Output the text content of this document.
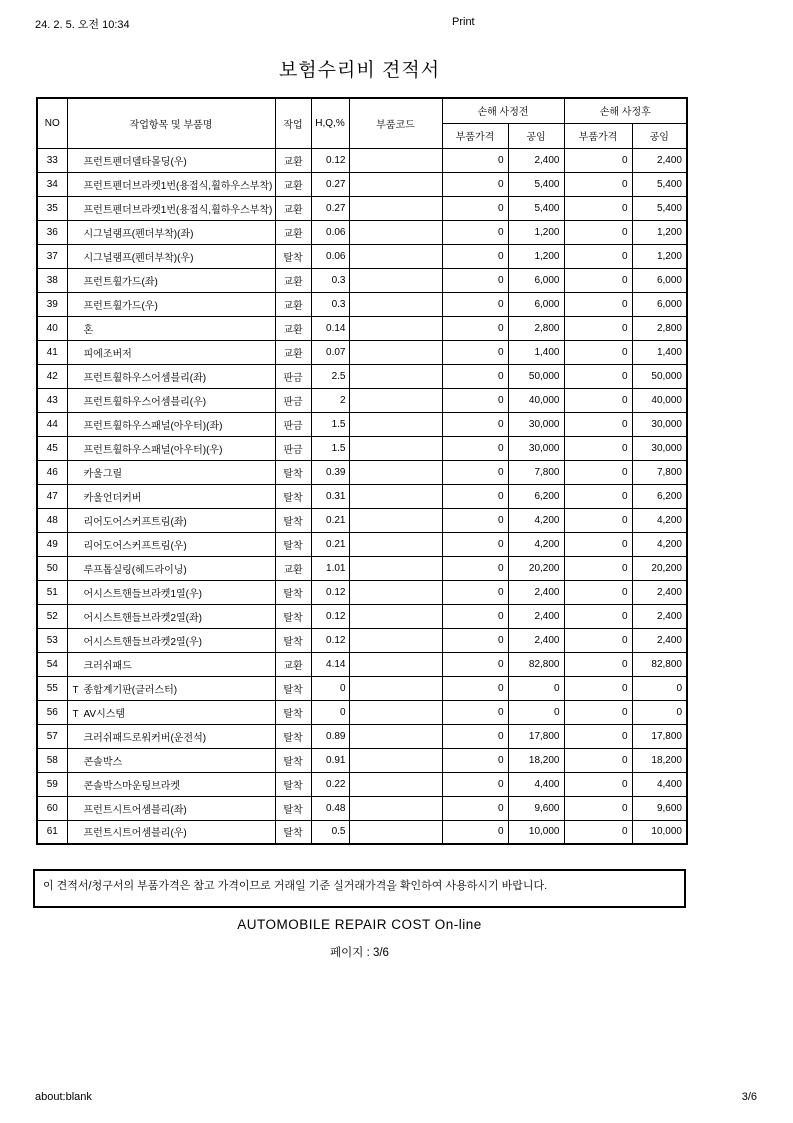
24. 2. 5. 오전 10:34	Print
보험수리비 견적서
NO	작업항목 및 부품명	작업	H,Q,%	부품코드	손해 사정전		손해 사정후	
					부품가격	공임	부품가격	공임
33	프런트펜더델타몰딩(우)	교환	0.12		0	2,400	0	2,400
34	프런트펜더브라켓1번(용접식,휠하우스부착)	교환	0.27		0	5,400	0	5,400
35	프런트펜더브라켓1번(용접식,휠하우스부착)	교환	0.27		0	5,400	0	5,400
36	시그널램프(펜더부착)(좌)	교환	0.06		0	1,200	0	1,200
37	시그널램프(펜더부착)(우)	탈착	0.06		0	1,200	0	1,200
38	프런트휠가드(좌)	교환	0.3		0	6,000	0	6,000
39	프런트휠가드(우)	교환	0.3		0	6,000	0	6,000
40	혼	교환	0.14		0	2,800	0	2,800
41	피에조버저	교환	0.07		0	1,400	0	1,400
42	프런트휠하우스어셈블리(좌)	판금	2.5		0	50,000	0	50,000
43	프런트휠하우스어셈블리(우)	판금	2		0	40,000	0	40,000
44	프런트휠하우스패널(아우터)(좌)	판금	1.5		0	30,000	0	30,000
45	프런트휠하우스패널(아우터)(우)	판금	1.5		0	30,000	0	30,000
46	카울그릴	탈착	0.39		0	7,800	0	7,800
47	카울언더커버	탈착	0.31		0	6,200	0	6,200
48	리어도어스커프트림(좌)	탈착	0.21		0	4,200	0	4,200
49	리어도어스커프트림(우)	탈착	0.21		0	4,200	0	4,200
50	루프톱실링(헤드라이닝)	교환	1.01		0	20,200	0	20,200
51	어시스트핸들브라켓1열(우)	탈착	0.12		0	2,400	0	2,400
52	어시스트핸들브라켓2열(좌)	탈착	0.12		0	2,400	0	2,400
53	어시스트핸들브라켓2열(우)	탈착	0.12		0	2,400	0	2,400
54	크러쉬패드	교환	4.14		0	82,800	0	82,800
55	T 종합계기판(클러스터)	탈착	0		0	0	0	0
56	T AV시스템	탈착	0		0	0	0	0
57	크러쉬패드로워커버(운전석)	탈착	0.89		0	17,800	0	17,800
58	콘솔박스	탈착	0.91		0	18,200	0	18,200
59	콘솔박스마운팅브라켓	탈착	0.22		0	4,400	0	4,400
60	프런트시트어셈블리(좌)	탈착	0.48		0	9,600	0	9,600
61	프런트시트어셈블리(우)	탈착	0.5		0	10,000	0	10,000
이 견적서/청구서의 부품가격은 참고 가격이므로 거래일 기준 실거래가격을 확인하여 사용하시기 바랍니다.
AUTOMOBILE REPAIR COST On-line
페이지 : 3/6
about:blank	3/6
